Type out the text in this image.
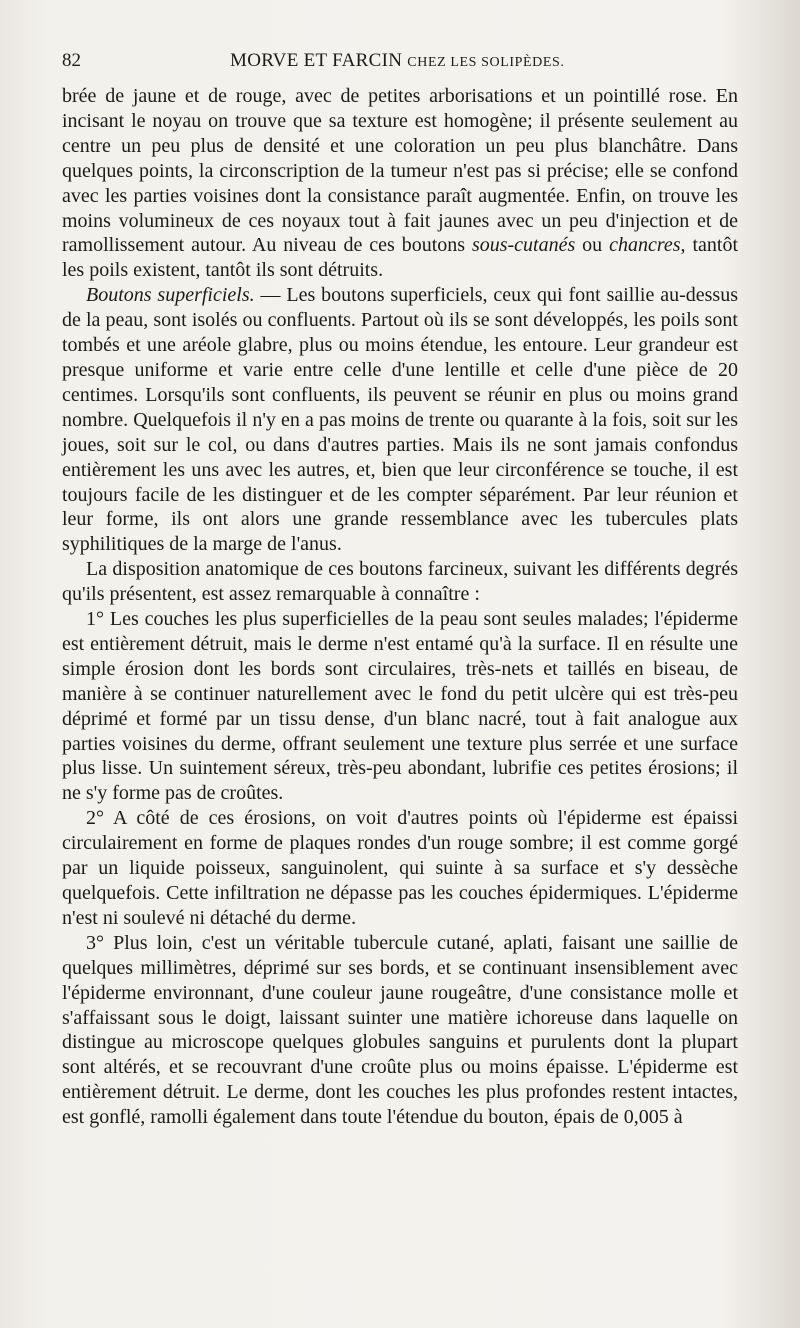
82	MORVE ET FARCIN CHEZ LES SOLIPÈDES.

brée de jaune et de rouge, avec de petites arborisations et un pointillé rose. En incisant le noyau on trouve que sa texture est homogène; il présente seulement au centre un peu plus de densité et une coloration un peu plus blanchâtre. Dans quelques points, la circonscription de la tumeur n'est pas si précise; elle se confond avec les parties voisines dont la consistance paraît augmentée. Enfin, on trouve les moins volumineux de ces noyaux tout à fait jaunes avec un peu d'injection et de ramollissement autour. Au niveau de ces boutons sous-cutanés ou chancres, tantôt les poils existent, tantôt ils sont détruits.

Boutons superficiels. — Les boutons superficiels, ceux qui font saillie au-dessus de la peau, sont isolés ou confluents. Partout où ils se sont développés, les poils sont tombés et une aréole glabre, plus ou moins étendue, les entoure. Leur grandeur est presque uniforme et varie entre celle d'une lentille et celle d'une pièce de 20 centimes. Lorsqu'ils sont confluents, ils peuvent se réunir en plus ou moins grand nombre. Quelquefois il n'y en a pas moins de trente ou quarante à la fois, soit sur les joues, soit sur le col, ou dans d'autres parties. Mais ils ne sont jamais confondus entièrement les uns avec les autres, et, bien que leur circonférence se touche, il est toujours facile de les distinguer et de les compter séparément. Par leur réunion et leur forme, ils ont alors une grande ressemblance avec les tubercules plats syphilitiques de la marge de l'anus.

La disposition anatomique de ces boutons farcineux, suivant les différents degrés qu'ils présentent, est assez remarquable à connaître :

1° Les couches les plus superficielles de la peau sont seules malades; l'épiderme est entièrement détruit, mais le derme n'est entamé qu'à la surface. Il en résulte une simple érosion dont les bords sont circulaires, très-nets et taillés en biseau, de manière à se continuer naturellement avec le fond du petit ulcère qui est très-peu déprimé et formé par un tissu dense, d'un blanc nacré, tout à fait analogue aux parties voisines du derme, offrant seulement une texture plus serrée et une surface plus lisse. Un suintement séreux, très-peu abondant, lubrifie ces petites érosions; il ne s'y forme pas de croûtes.

2° A côté de ces érosions, on voit d'autres points où l'épiderme est épaissi circulairement en forme de plaques rondes d'un rouge sombre; il est comme gorgé par un liquide poisseux, sanguinolent, qui suinte à sa surface et s'y dessèche quelquefois. Cette infiltration ne dépasse pas les couches épidermiques. L'épiderme n'est ni soulevé ni détaché du derme.

3° Plus loin, c'est un véritable tubercule cutané, aplati, faisant une saillie de quelques millimètres, déprimé sur ses bords, et se continuant insensiblement avec l'épiderme environnant, d'une couleur jaune rougeâtre, d'une consistance molle et s'affaissant sous le doigt, laissant suinter une matière ichoreuse dans laquelle on distingue au microscope quelques globules sanguins et purulents dont la plupart sont altérés, et se recouvrant d'une croûte plus ou moins épaisse. L'épiderme est entièrement détruit. Le derme, dont les couches les plus profondes restent intactes, est gonflé, ramolli également dans toute l'étendue du bouton, épais de 0,005 à
